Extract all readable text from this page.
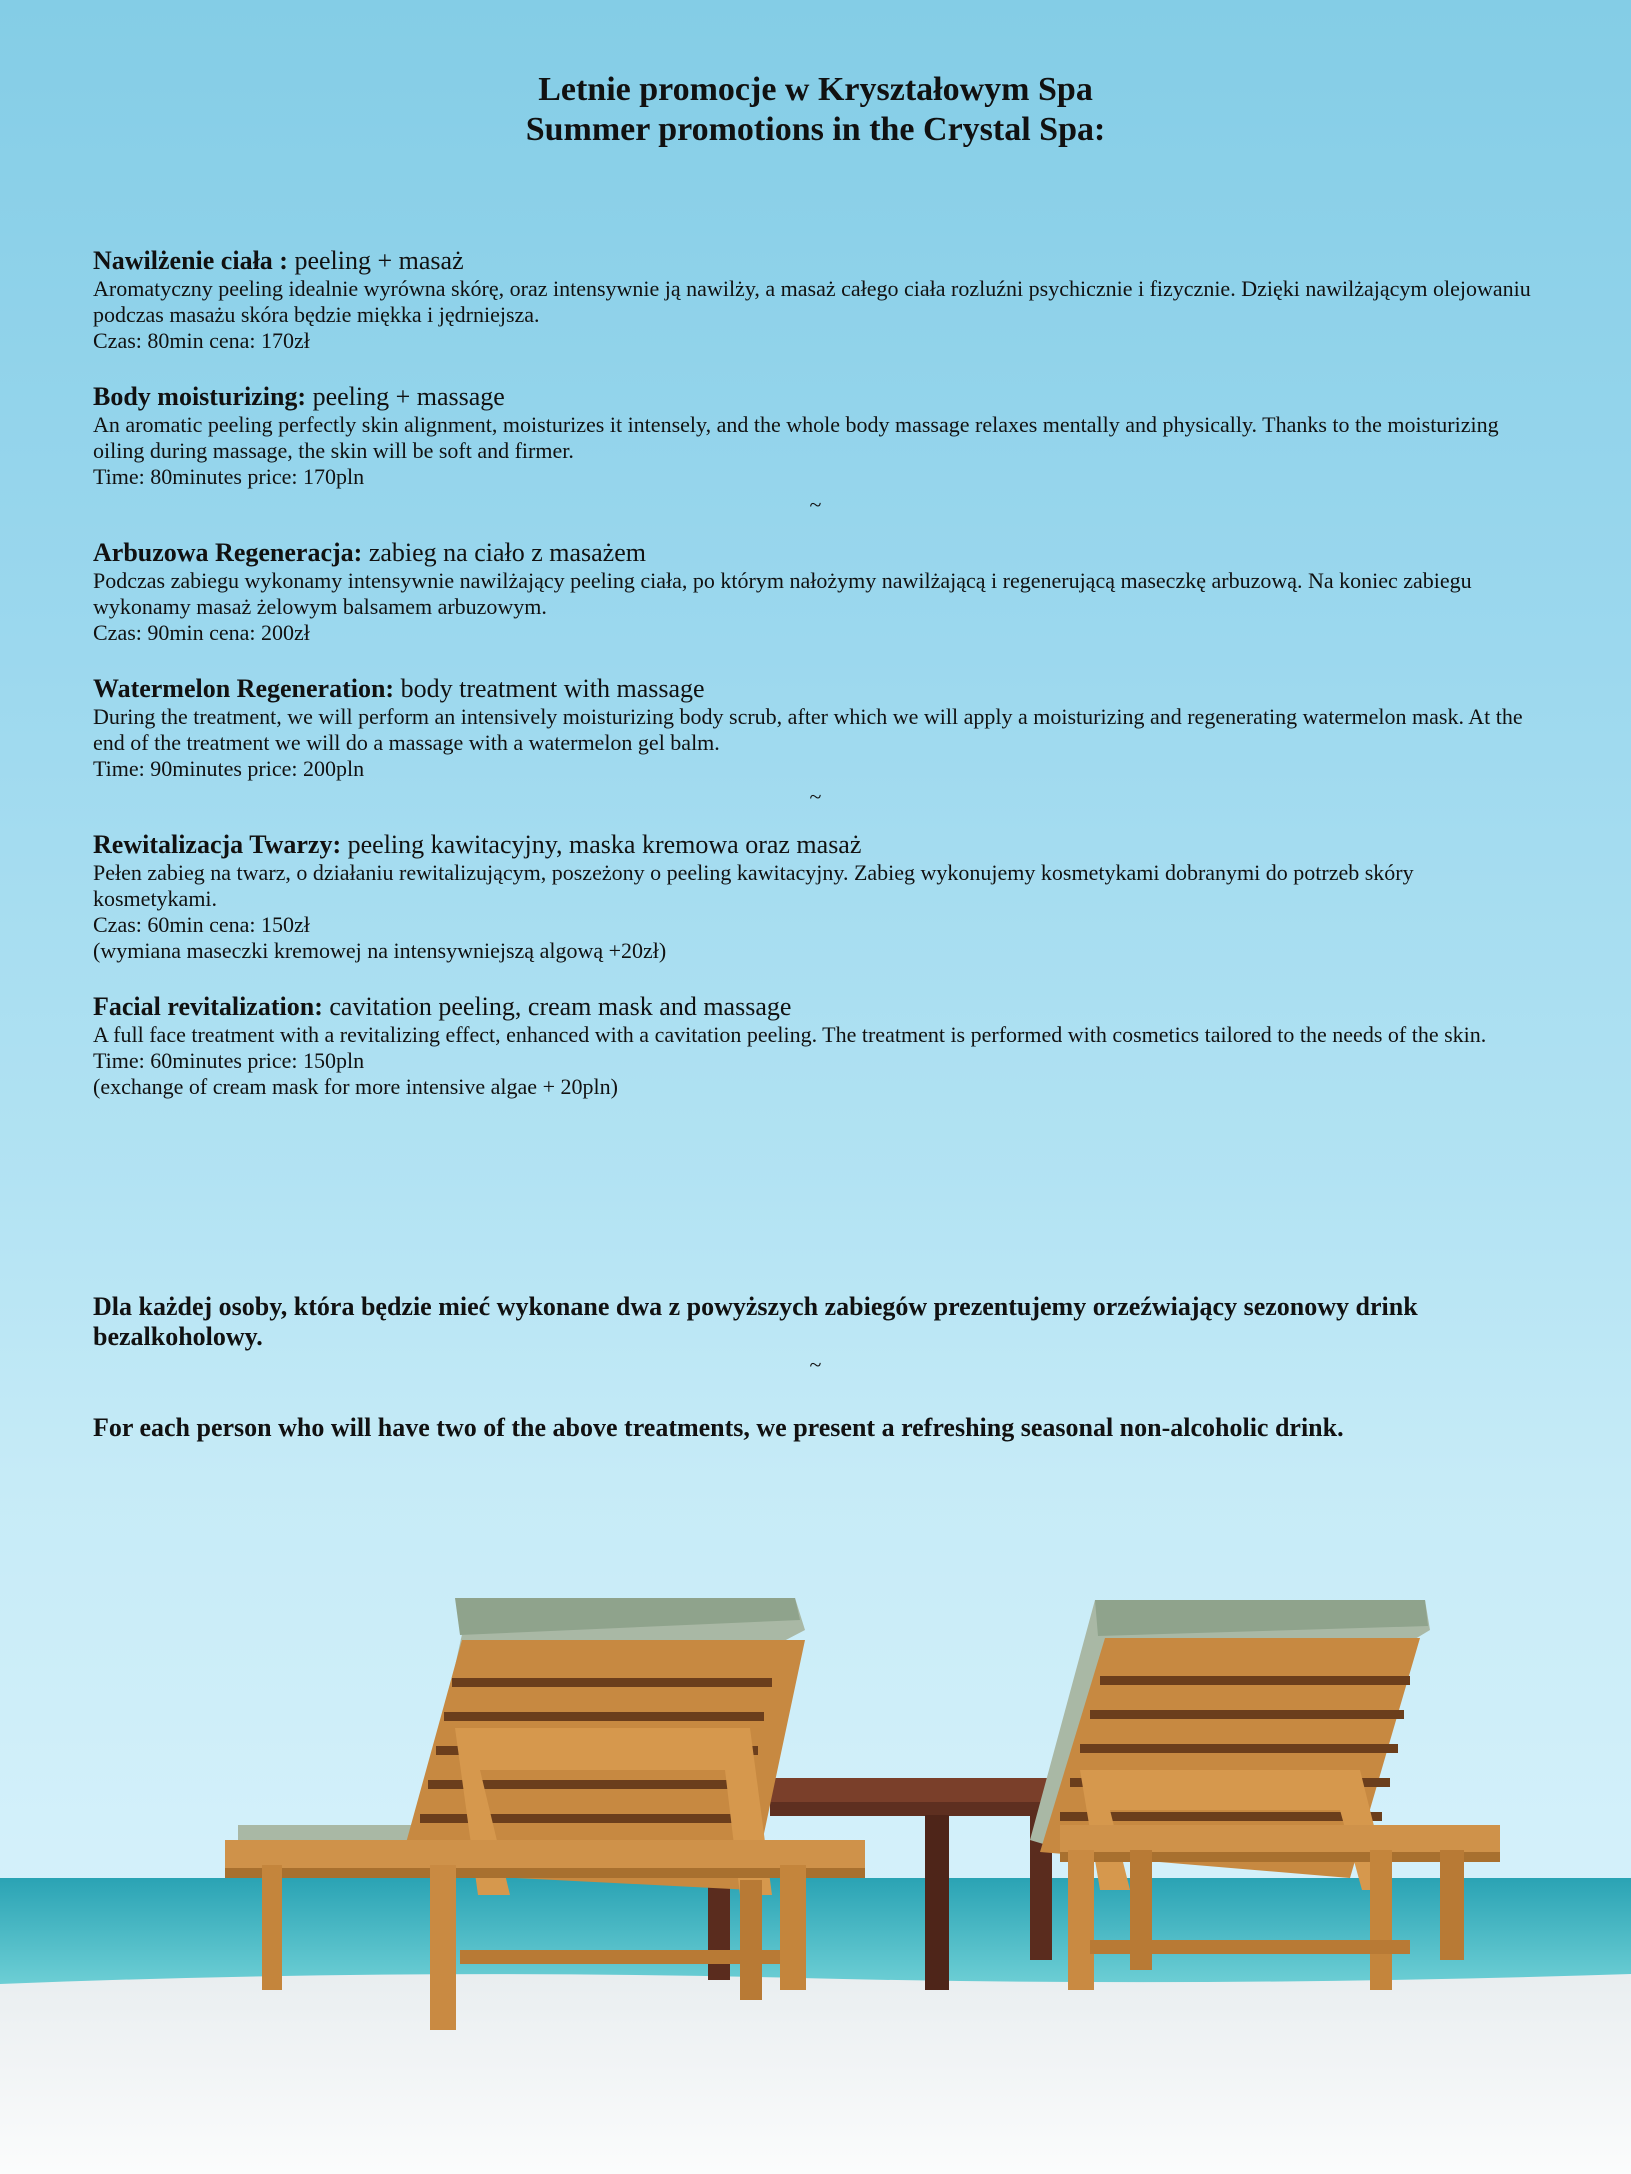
Letnie promocje w Kryształowym Spa
Summer promotions in the Crystal Spa:
Nawilżenie ciała : peeling + masaż

Aromatyczny peeling idealnie wyrówna skórę, oraz intensywnie ją nawilży, a masaż całego ciała rozluźni psychicznie i fizycznie. Dzięki nawilżającym olejowaniu podczas masażu skóra będzie miękka i jędrniejsza.

Czas: 80min cena: 170zł

Body moisturizing: peeling + massage

An aromatic peeling perfectly skin alignment, moisturizes it intensely, and the whole body massage relaxes mentally and physically. Thanks to the moisturizing oiling during massage, the skin will be soft and firmer.

Time: 80minutes price: 170pln

~
Arbuzowa Regeneracja: zabieg na ciało z masażem

Podczas zabiegu wykonamy intensywnie nawilżający peeling ciała, po którym nałożymy nawilżającą i regenerującą maseczkę arbuzową. Na koniec zabiegu wykonamy masaż żelowym balsamem arbuzowym.

Czas: 90min cena: 200zł

Watermelon Regeneration: body treatment with massage

During the treatment, we will perform an intensively moisturizing body scrub, after which we will apply a moisturizing and regenerating watermelon mask. At the end of the treatment we will do a massage with a watermelon gel balm.

Time: 90minutes price: 200pln

~
Rewitalizacja Twarzy: peeling kawitacyjny, maska kremowa oraz masaż

Pełen zabieg na twarz, o działaniu rewitalizującym, poszeżony o peeling kawitacyjny. Zabieg wykonujemy kosmetykami dobranymi do potrzeb skóry kosmetykami.

Czas: 60min cena: 150zł

(wymiana maseczki kremowej na intensywniejszą algową +20zł)

Facial revitalization: cavitation peeling, cream mask and massage

A full face treatment with a revitalizing effect, enhanced with a cavitation peeling. The treatment is performed with cosmetics tailored to the needs of the skin.

Time: 60minutes price: 150pln

(exchange of cream mask for more intensive algae + 20pln)

Dla każdej osoby, która będzie mieć wykonane dwa z powyższych zabiegów prezentujemy orzeźwiający sezonowy drink bezalkoholowy.
~
For each person who will have two of the above treatments, we present a refreshing seasonal non-alcoholic drink.
